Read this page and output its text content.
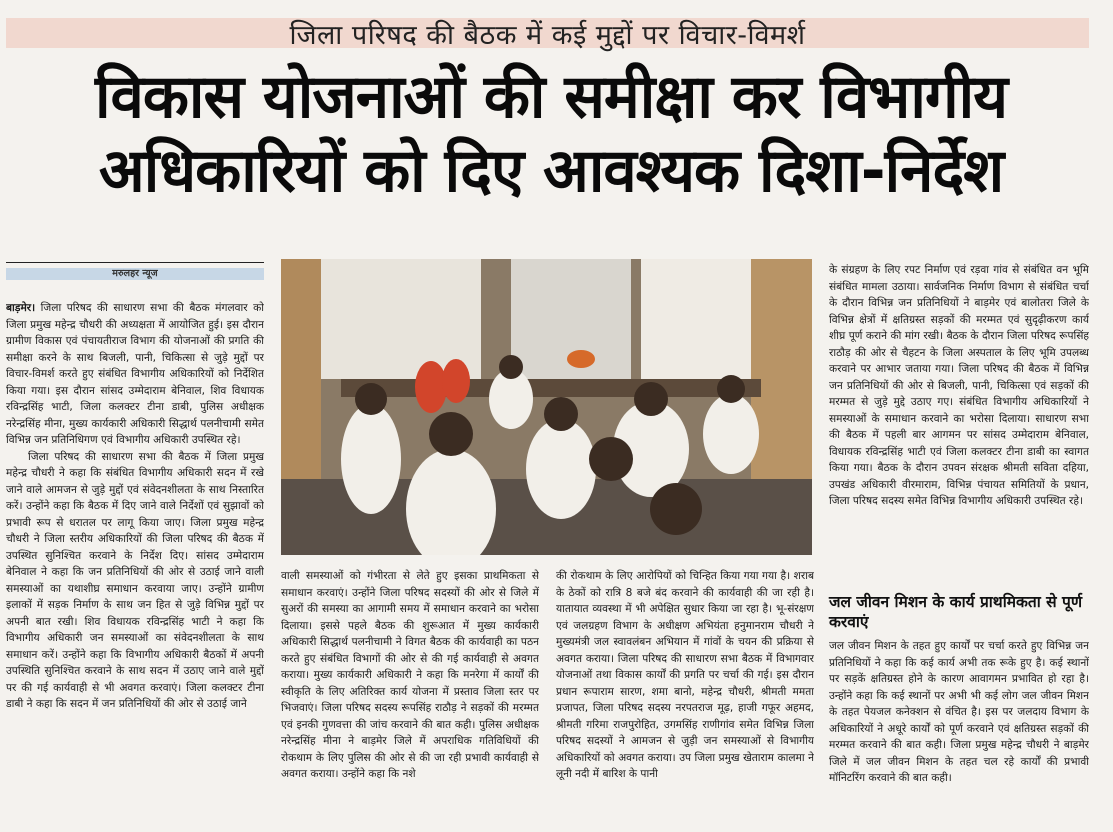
जिला परिषद की बैठक में कई मुद्दों पर विचार-विमर्श
विकास योजनाओं की समीक्षा कर विभागीय
अधिकारियों को दिए आवश्यक दिशा-निर्देश
मरुलहर न्यूज

बाड़मेर। जिला परिषद की साधारण सभा की बैठक मंगलवार को जिला प्रमुख महेन्द्र चौधरी की अध्यक्षता में आयोजित हुई। इस दौरान ग्रामीण विकास एवं पंचायतीराज विभाग की योजनाओं की प्रगति की समीक्षा करने के साथ बिजली, पानी, चिकित्सा से जुड़े मुद्दों पर विचार-विमर्श करते हुए संबंधित विभागीय अधिकारियों को निर्देशित किया गया। इस दौरान सांसद उम्मेदाराम बेनिवाल, शिव विधायक रविन्द्रसिंह भाटी, जिला कलक्टर टीना डाबी, पुलिस अधीक्षक नरेन्द्रसिंह मीना, मुख्य कार्यकारी अधिकारी सिद्धार्थ पलनीचामी समेत विभिन्न जन प्रतिनिधिगण एवं विभागीय अधिकारी उपस्थित रहे।

जिला परिषद की साधारण सभा की बैठक में जिला प्रमुख महेन्द्र चौधरी ने कहा कि संबंधित विभागीय अधिकारी सदन में रखे जाने वाले आमजन से जुड़े मुद्दों एवं संवेदनशीलता के साथ निस्तारित करें। उन्होंने कहा कि बैठक में दिए जाने वाले निर्देशों एवं सुझावों को प्रभावी रूप से धरातल पर लागू किया जाए। जिला प्रमुख महेन्द्र चौधरी ने जिला स्तरीय अधिकारियों की जिला परिषद की बैठक में उपस्थित सुनिश्चित करवाने के निर्देश दिए। सांसद उम्मेदाराम बेनिवाल ने कहा कि जन प्रतिनिधियों की ओर से उठाई जाने वाली समस्याओं का यथाशीघ्र समाधान करवाया जाए। उन्होंने ग्रामीण इलाकों में सड़क निर्माण के साथ जन हित से जुड़े विभिन्न मुद्दों पर अपनी बात रखी। शिव विधायक रविन्द्रसिंह भाटी ने कहा कि विभागीय अधिकारी जन समस्याओं का संवेदनशीलता के साथ समाधान करें। उन्होंने कहा कि विभागीय अधिकारी बैठकों में अपनी उपस्थिति सुनिश्चित करवाने के साथ सदन में उठाए जाने वाले मुद्दों पर की गई कार्यवाही से भी अवगत करवाएं। जिला कलक्टर टीना डाबी ने कहा कि सदन में जन प्रतिनिधियों की ओर से उठाई जाने

वाली समस्याओं को गंभीरता से लेते हुए इसका प्राथमिकता से समाधान करवाएं। उन्होंने जिला परिषद सदस्यों की ओर से जिले में सुअरों की समस्या का आगामी समय में समाधान करवाने का भरोसा दिलाया। इससे पहले बैठक की शुरूआत में मुख्य कार्यकारी अधिकारी सिद्धार्थ पलनीचामी ने विगत बैठक की कार्यवाही का पठन करते हुए संबंधित विभागों की ओर से की गई कार्यवाही से अवगत कराया। मुख्य कार्यकारी अधिकारी ने कहा कि मनरेगा में कार्यों की स्वीकृति के लिए अतिरिक्त कार्य योजना में प्रस्ताव जिला स्तर पर भिजवाएं। जिला परिषद सदस्य रूपसिंह राठौड़ ने सड़कों की मरम्मत एवं इनकी गुणवत्ता की जांच करवाने की बात कही। पुलिस अधीक्षक नरेन्द्रसिंह मीना ने बाड़मेर जिले में अपराधिक गतिविधियों की रोकथाम के लिए पुलिस की ओर से की जा रही प्रभावी कार्यवाही से अवगत कराया। उन्होंने कहा कि नशे

की रोकथाम के लिए आरोपियों को चिन्हित किया गया गया है। शराब के ठेकों को रात्रि 8 बजे बंद करवाने की कार्यवाही की जा रही है। यातायात व्यवस्था में भी अपेक्षित सुधार किया जा रहा है। भू-संरक्षण एवं जलग्रहण विभाग के अधीक्षण अभियंता हनुमानराम चौधरी ने मुख्यमंत्री जल स्वावलंबन अभियान में गांवों के चयन की प्रक्रिया से अवगत कराया। जिला परिषद की साधारण सभा बैठक में विभागवार योजनाओं तथा विकास कार्यों की प्रगति पर चर्चा की गई। इस दौरान प्रधान रूपाराम सारण, शमा बानो, महेन्द्र चौधरी, श्रीमती ममता प्रजापत, जिला परिषद सदस्य नरपतराज मूढ़, हाजी गफूर अहमद, श्रीमती गरिमा राजपुरोहित, उगमसिंह राणीगांव समेत विभिन्न जिला परिषद सदस्यों ने आमजन से जुड़ी जन समस्याओं से विभागीय अधिकारियों को अवगत कराया। उप जिला प्रमुख खेताराम कालमा ने लूनी नदी में बारिश के पानी

के संग्रहण के लिए रपट निर्माण एवं रड़वा गांव से संबंधित वन भूमि संबंधित मामला उठाया। सार्वजनिक निर्माण विभाग से संबंधित चर्चा के दौरान विभिन्न जन प्रतिनिधियों ने बाड़मेर एवं बालोतरा जिले के विभिन्न क्षेत्रों में क्षतिग्रस्त सड़कों की मरम्मत एवं सुदृढ़ीकरण कार्य शीघ्र पूर्ण कराने की मांग रखी। बैठक के दौरान जिला परिषद रूपसिंह राठौड़ की ओर से चैहटन के जिला अस्पताल के लिए भूमि उपलब्ध करवाने पर आभार जताया गया। जिला परिषद की बैठक में विभिन्न जन प्रतिनिधियों की ओर से बिजली, पानी, चिकित्सा एवं सड़कों की मरम्मत से जुड़े मुद्दे उठाए गए। संबंधित विभागीय अधिकारियों ने समस्याओं के समाधान करवाने का भरोसा दिलाया। साधारण सभा की बैठक में पहली बार आगमन पर सांसद उम्मेदाराम बेनिवाल, विधायक रविन्द्रसिंह भाटी एवं जिला कलक्टर टीना डाबी का स्वागत किया गया। बैठक के दौरान उपवन संरक्षक श्रीमती सविता दहिया, उपखंड अधिकारी वीरमाराम, विभिन्न पंचायत समितियों के प्रधान, जिला परिषद सदस्य समेत विभिन्न विभागीय अधिकारी उपस्थित रहे।

जल जीवन मिशन के कार्य प्राथमिकता से पूर्ण करवाएं

जल जीवन मिशन के तहत हुए कार्यों पर चर्चा करते हुए विभिन्न जन प्रतिनिधियों ने कहा कि कई कार्य अभी तक रूके हुए है। कई स्थानों पर सड़कें क्षतिग्रस्त होने के कारण आवागमन प्रभावित हो रहा है। उन्होंने कहा कि कई स्थानों पर अभी भी कई लोग जल जीवन मिशन के तहत पेयजल कनेक्शन से वंचित है। इस पर जलदाय विभाग के अधिकारियों ने अधूरे कार्यों को पूर्ण करवाने एवं क्षतिग्रस्त सड़कों की मरम्मत करवाने की बात कही। जिला प्रमुख महेन्द्र चौधरी ने बाड़मेर जिले में जल जीवन मिशन के तहत चल रहे कार्यों की प्रभावी मॉनिटरिंग करवाने की बात कही।
